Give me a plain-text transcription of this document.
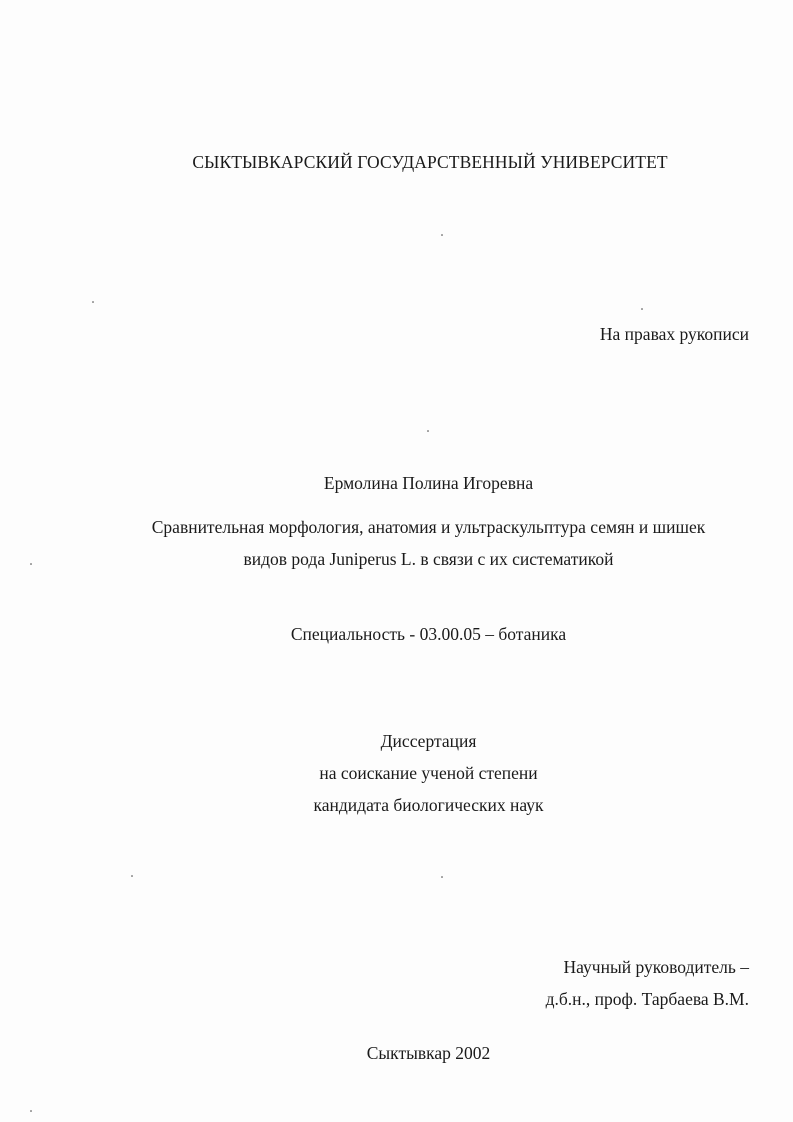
СЫКТЫВКАРСКИЙ ГОСУДАРСТВЕННЫЙ УНИВЕРСИТЕТ
На правах рукописи
Ермолина Полина Игоревна
Сравнительная морфология, анатомия и ультраскульптура семян и шишек
видов рода Juniperus L. в связи с их систематикой
Специальность - 03.00.05 – ботаника
Диссертация
на соискание ученой степени
кандидата биологических наук
Научный руководитель –
д.б.н., проф. Тарбаева В.М.
Сыктывкар 2002
